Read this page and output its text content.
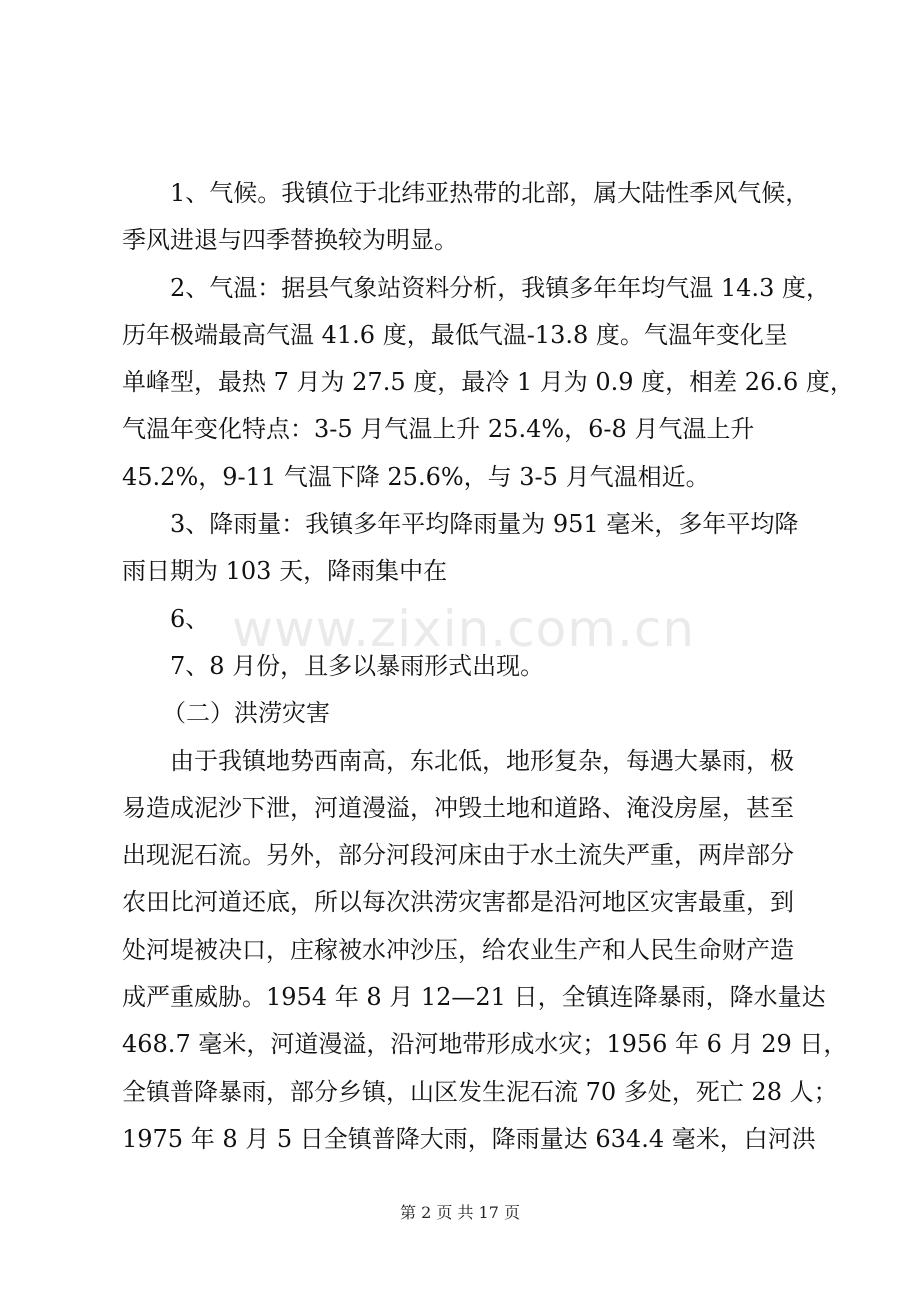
1、气候。我镇位于北纬亚热带的北部，属大陆性季风气候，
季风进退与四季替换较为明显。
2、气温：据县气象站资料分析，我镇多年年均气温 14.3 度，
历年极端最高气温 41.6 度，最低气温-13.8 度。气温年变化呈
单峰型，最热 7 月为 27.5 度，最冷 1 月为 0.9 度，相差 26.6 度，
气温年变化特点：3-5 月气温上升 25.4%，6-8 月气温上升
45.2%，9-11 气温下降 25.6%，与 3-5 月气温相近。
3、降雨量：我镇多年平均降雨量为 951 毫米，多年平均降
雨日期为 103 天，降雨集中在
6、
7、8 月份，且多以暴雨形式出现。
（二）洪涝灾害
由于我镇地势西南高，东北低，地形复杂，每遇大暴雨，极
易造成泥沙下泄，河道漫溢，冲毁土地和道路、淹没房屋，甚至
出现泥石流。另外，部分河段河床由于水土流失严重，两岸部分
农田比河道还底，所以每次洪涝灾害都是沿河地区灾害最重，到
处河堤被决口，庄稼被水冲沙压，给农业生产和人民生命财产造
成严重威胁。1954 年 8 月 12—21 日，全镇连降暴雨，降水量达
468.7 毫米，河道漫溢，沿河地带形成水灾；1956 年 6 月 29 日，
全镇普降暴雨，部分乡镇，山区发生泥石流 70 多处，死亡 28 人；
1975 年 8 月 5 日全镇普降大雨，降雨量达 634.4 毫米，白河洪
www.zixin.com.cn
第 2 页 共 17 页
